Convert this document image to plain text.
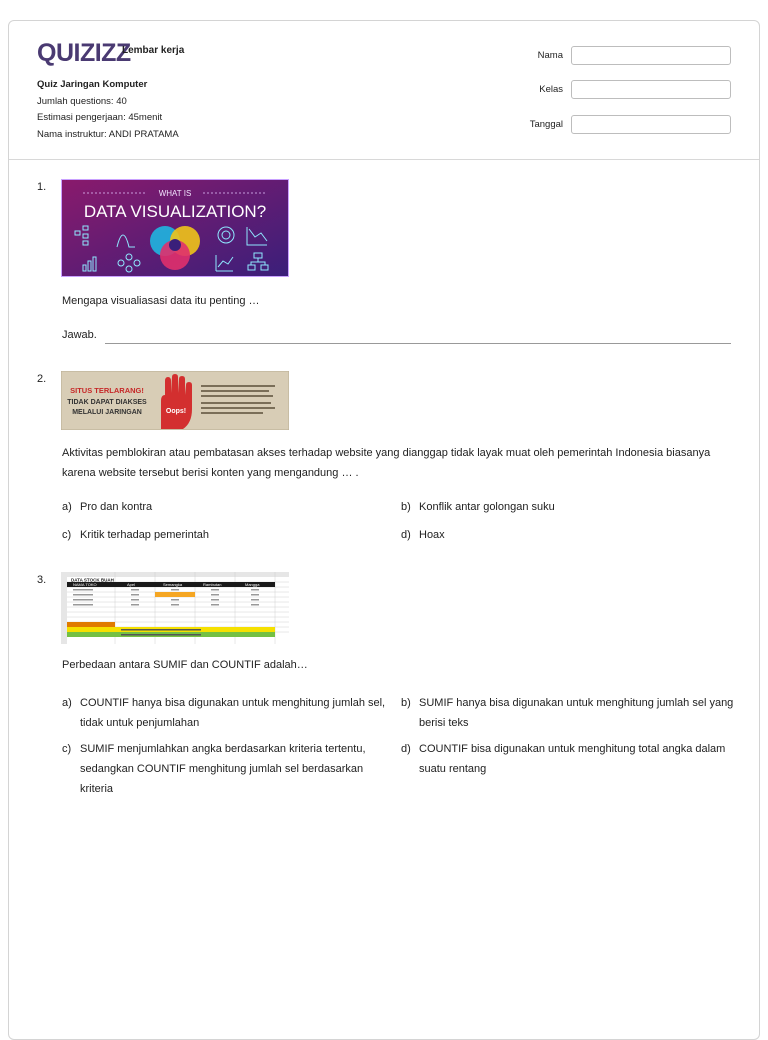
QUIZIZZ
Lembar kerja
Quiz Jaringan Komputer
Jumlah questions: 40
Estimasi pengerjaan: 45menit
Nama instruktur: ANDI PRATAMA
Nama
Kelas
Tanggal
1.
WHAT IS
DATA VISUALIZATION?
Mengapa visualiasasi data itu penting …
Jawab.
2.
SITUS TERLARANG!
TIDAK DAPAT DIAKSES
MELALUI JARINGAN	Oops!
Aktivitas pemblokiran atau pembatasan akses terhadap website yang dianggap tidak layak muat oleh pemerintah Indonesia biasanya karena website tersebut berisi konten yang mengandung … .
a) Pro dan kontra	b) Konflik antar golongan suku
c) Kritik terhadap pemerintah	d) Hoax
3.	DATA STOCK BUAH
NAMA TOKO	Apel	Semangka	Rambutan	Mangga
Perbedaan antara SUMIF dan COUNTIF adalah…
a) COUNTIF hanya bisa digunakan untuk menghitung jumlah sel, tidak untuk penjumlahan
b) SUMIF hanya bisa digunakan untuk menghitung jumlah sel yang berisi teks
c) SUMIF menjumlahkan angka berdasarkan kriteria tertentu, sedangkan COUNTIF menghitung jumlah sel berdasarkan kriteria
d) COUNTIF bisa digunakan untuk menghitung total angka dalam suatu rentang
